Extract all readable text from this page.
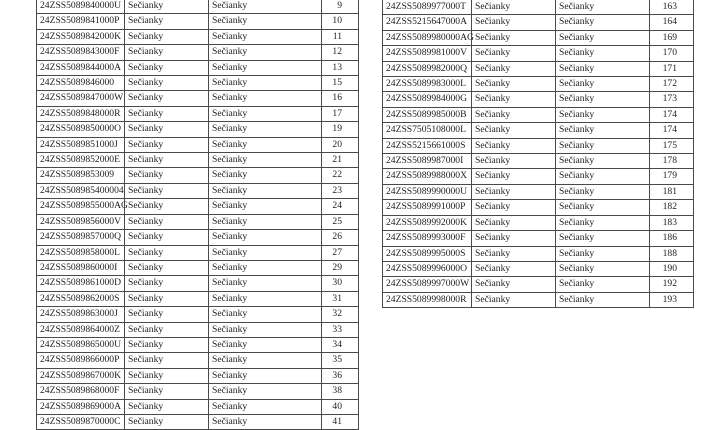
24ZSS5089840000U	Sečianky	Sečianky	9
24ZSS5089841000P	Sečianky	Sečianky	10
24ZSS5089842000K	Sečianky	Sečianky	11
24ZSS5089843000F	Sečianky	Sečianky	12
24ZSS5089844000A	Sečianky	Sečianky	13
24ZSS5089846000	Sečianky	Sečianky	15
24ZSS5089847000W	Sečianky	Sečianky	16
24ZSS5089848000R	Sečianky	Sečianky	17
24ZSS5089850000O	Sečianky	Sečianky	19
24ZSS5089851000J	Sečianky	Sečianky	20
24ZSS5089852000E	Sečianky	Sečianky	21
24ZSS5089853009	Sečianky	Sečianky	22
24ZSS508985400004	Sečianky	Sečianky	23
24ZSS5089855000AG	Sečianky	Sečianky	24
24ZSS5089856000V	Sečianky	Sečianky	25
24ZSS5089857000Q	Sečianky	Sečianky	26
24ZSS5089858000L	Sečianky	Sečianky	27
24ZSS5089860000I	Sečianky	Sečianky	29
24ZSS5089861000D	Sečianky	Sečianky	30
24ZSS5089862000S	Sečianky	Sečianky	31
24ZSS5089863000J	Sečianky	Sečianky	32
24ZSS5089864000Z	Sečianky	Sečianky	33
24ZSS5089865000U	Sečianky	Sečianky	34
24ZSS5089866000P	Sečianky	Sečianky	35
24ZSS5089867000K	Sečianky	Sečianky	36
24ZSS5089868000F	Sečianky	Sečianky	38
24ZSS5089869000A	Sečianky	Sečianky	40
24ZSS5089870000C	Sečianky	Sečianky	41
24ZSS5089977000T	Sečianky	Sečianky	163
24ZSS5215647000A	Sečianky	Sečianky	164
24ZSS5089980000AG	Sečianky	Sečianky	169
24ZSS5089981000V	Sečianky	Sečianky	170
24ZSS5089982000Q	Sečianky	Sečianky	171
24ZSS5089983000L	Sečianky	Sečianky	172
24ZSS5089984000G	Sečianky	Sečianky	173
24ZSS5089985000B	Sečianky	Sečianky	174
24ZSS7505108000L	Sečianky	Sečianky	174
24ZSS5215661000S	Sečianky	Sečianky	175
24ZSS5089987000I	Sečianky	Sečianky	178
24ZSS5089988000X	Sečianky	Sečianky	179
24ZSS5089990000U	Sečianky	Sečianky	181
24ZSS5089991000P	Sečianky	Sečianky	182
24ZSS5089992000K	Sečianky	Sečianky	183
24ZSS5089993000F	Sečianky	Sečianky	186
24ZSS5089995000S	Sečianky	Sečianky	188
24ZSS5089996000O	Sečianky	Sečianky	190
24ZSS5089997000W	Sečianky	Sečianky	192
24ZSS5089998000R	Sečianky	Sečianky	193
